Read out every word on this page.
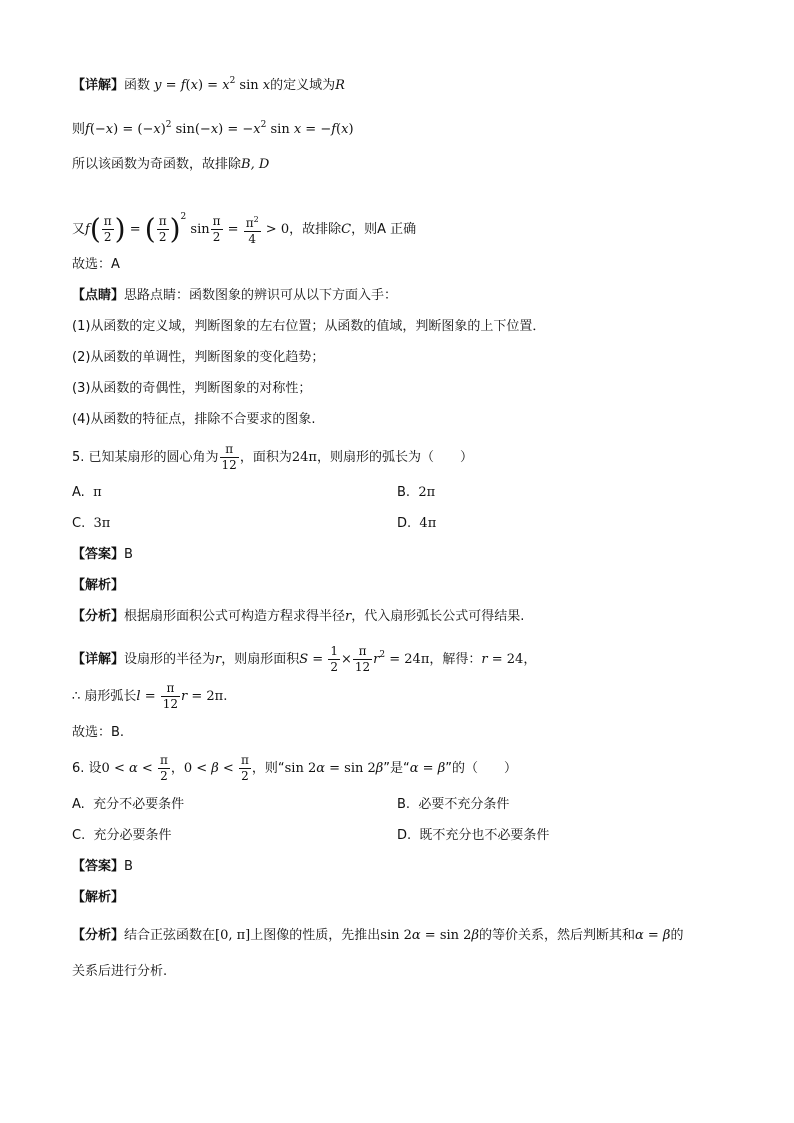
【详解】函数 $y = f(x) = x^2$ sin x的定义域为R
则$f(-x) = (-x)^2$ $\sin(-x) = -x^2$ sin x = −f(x)
所以该函数为奇函数，故排除B, D
又$f( \frac{\pi}{2}$ ) = ( $\frac{\pi}{2} )^2$ $\sin \frac{\pi}{2} = \frac{\pi^2}{4} > 0$，故排除C，则A 正确
故选：A
【点睛】思路点睛：函数图象的辨识可从以下方面入手：
(1)从函数的定义域，判断图象的左右位置；从函数的值域，判断图象的上下位置．
(2)从函数的单调性，判断图象的变化趋势；
(3)从函数的奇偶性，判断图象的对称性；
(4)从函数的特征点，排除不合要求的图象.
5. 已知某扇形的圆心角为 $\frac{\pi}{12}$ ，面积为24π，则扇形的弧长为（　　）
A. π	B. 2π
C. 3π	D. 4π
【答案】B
【解析】
【分析】根据扇形面积公式可构造方程求得半径r，代入扇形弧长公式可得结果.
【详解】设扇形的半径为r，则扇形面积$S = \frac{1}{2} \times \frac{\pi}{12} r^2 = 24\pi$，解得：r = 24，
∴ 扇形弧长$l = \frac{\pi}{12}$ r = 2π.
故选：B.
6. 设$0 < \alpha < \frac{\pi}{2}$ ，$0 < \beta < \frac{\pi}{2}$ ，则“sin 2α = sin 2β”是“α = β”的（　　）
A. 充分不必要条件	B. 必要不充分条件
C. 充分必要条件	D. 既不充分也不必要条件
【答案】B
【解析】
【分析】结合正弦函数在[0, π]上图像的性质，先推出sin 2α = sin 2β的等价关系，然后判断其和α = β的
关系后进行分析.
